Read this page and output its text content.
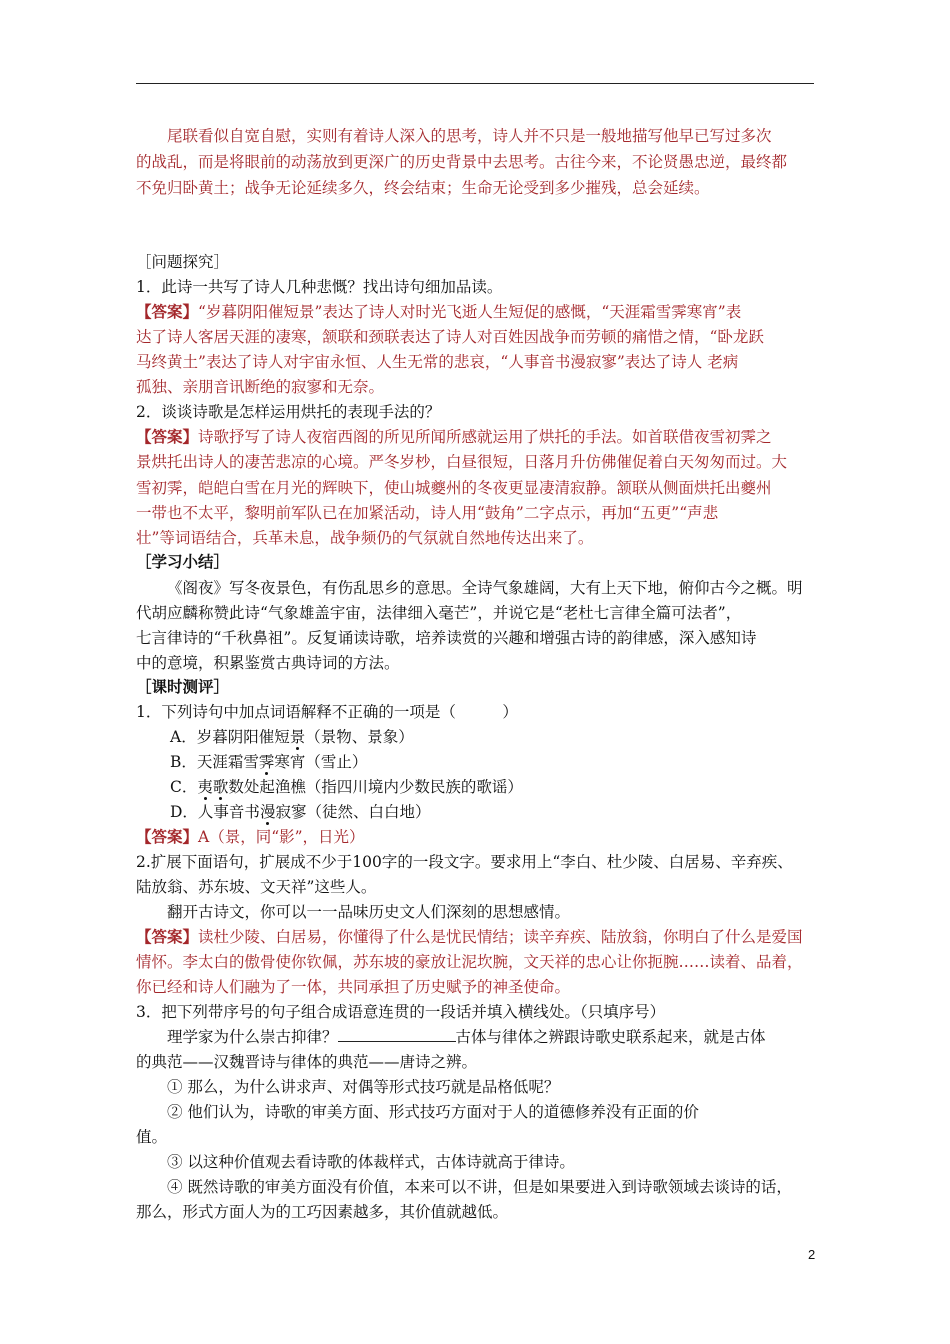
尾联看似自宽自慰，实则有着诗人深入的思考，诗人并不只是一般地描写他早已写过多次
的战乱，而是将眼前的动荡放到更深广的历史背景中去思考。古往今来，不论贤愚忠逆，最终都
不免归卧黄土；战争无论延续多久，终会结束；生命无论受到多少摧残，总会延续。
［问题探究］
1．此诗一共写了诗人几种悲慨？找出诗句细加品读。
【答案】“岁暮阴阳催短景”表达了诗人对时光飞逝人生短促的感慨，“天涯霜雪霁寒宵”表
达了诗人客居天涯的凄寒，颔联和颈联表达了诗人对百姓因战争而劳顿的痛惜之情，“卧龙跃
马终黄土”表达了诗人对宇宙永恒、人生无常的悲哀，“人事音书漫寂寥”表达了诗人 老病
孤独、亲朋音讯断绝的寂寥和无奈。
2．谈谈诗歌是怎样运用烘托的表现手法的？
【答案】诗歌抒写了诗人夜宿西阁的所见所闻所感就运用了烘托的手法。如首联借夜雪初霁之
景烘托出诗人的凄苦悲凉的心境。严冬岁杪，白昼很短，日落月升仿佛催促着白天匆匆而过。大
雪初霁，皑皑白雪在月光的辉映下，使山城夔州的冬夜更显凄清寂静。颔联从侧面烘托出夔州
一带也不太平，黎明前军队已在加紧活动，诗人用“鼓角”二字点示，再加“五更”“声悲
壮”等词语结合，兵革未息，战争频仍的气氛就自然地传达出来了。
［学习小结］
《阁夜》写冬夜景色，有伤乱思乡的意思。全诗气象雄阔，大有上天下地，俯仰古今之概。明
代胡应麟称赞此诗“气象雄盖宇宙，法律细入毫芒”，并说它是“老杜七言律全篇可法者”，
七言律诗的“千秋鼻祖”。反复诵读诗歌，培养读赏的兴趣和增强古诗的韵律感，深入感知诗
中的意境，积累鉴赏古典诗词的方法。
［课时测评］
1．下列诗句中加点词语解释不正确的一项是（　　　）
A．岁暮阴阳催短景（景物、景象）
B．天涯霜雪霁寒宵（雪止）
C．夷歌数处起渔樵（指四川境内少数民族的歌谣）
D．人事音书漫寂寥（徒然、白白地）
【答案】A（景，同“影”，日光）
2.扩展下面语句，扩展成不少于100字的一段文字。要求用上“李白、杜少陵、白居易、辛弃疾、
陆放翁、苏东坡、文天祥”这些人。
翻开古诗文，你可以一一品味历史文人们深刻的思想感情。
【答案】读杜少陵、白居易，你懂得了什么是忧民情结；读辛弃疾、陆放翁，你明白了什么是爱国
情怀。李太白的傲骨使你钦佩，苏东坡的豪放让泥坎腕，文天祥的忠心让你扼腕……读着、品着，
你已经和诗人们融为了一体，共同承担了历史赋予的神圣使命。
3．把下列带序号的句子组合成语意连贯的一段话并填入横线处。（只填序号）
理学家为什么崇古抑律？	古体与律体之辨跟诗歌史联系起来，就是古体
的典范——汉魏晋诗与律体的典范——唐诗之辨。
① 那么，为什么讲求声、对偶等形式技巧就是品格低呢？
② 他们认为，诗歌的审美方面、形式技巧方面对于人的道德修养没有正面的价
值。
③ 以这种价值观去看诗歌的体裁样式，古体诗就高于律诗。
④ 既然诗歌的审美方面没有价值，本来可以不讲，但是如果要进入到诗歌领域去谈诗的话，
那么，形式方面人为的工巧因素越多，其价值就越低。
2
